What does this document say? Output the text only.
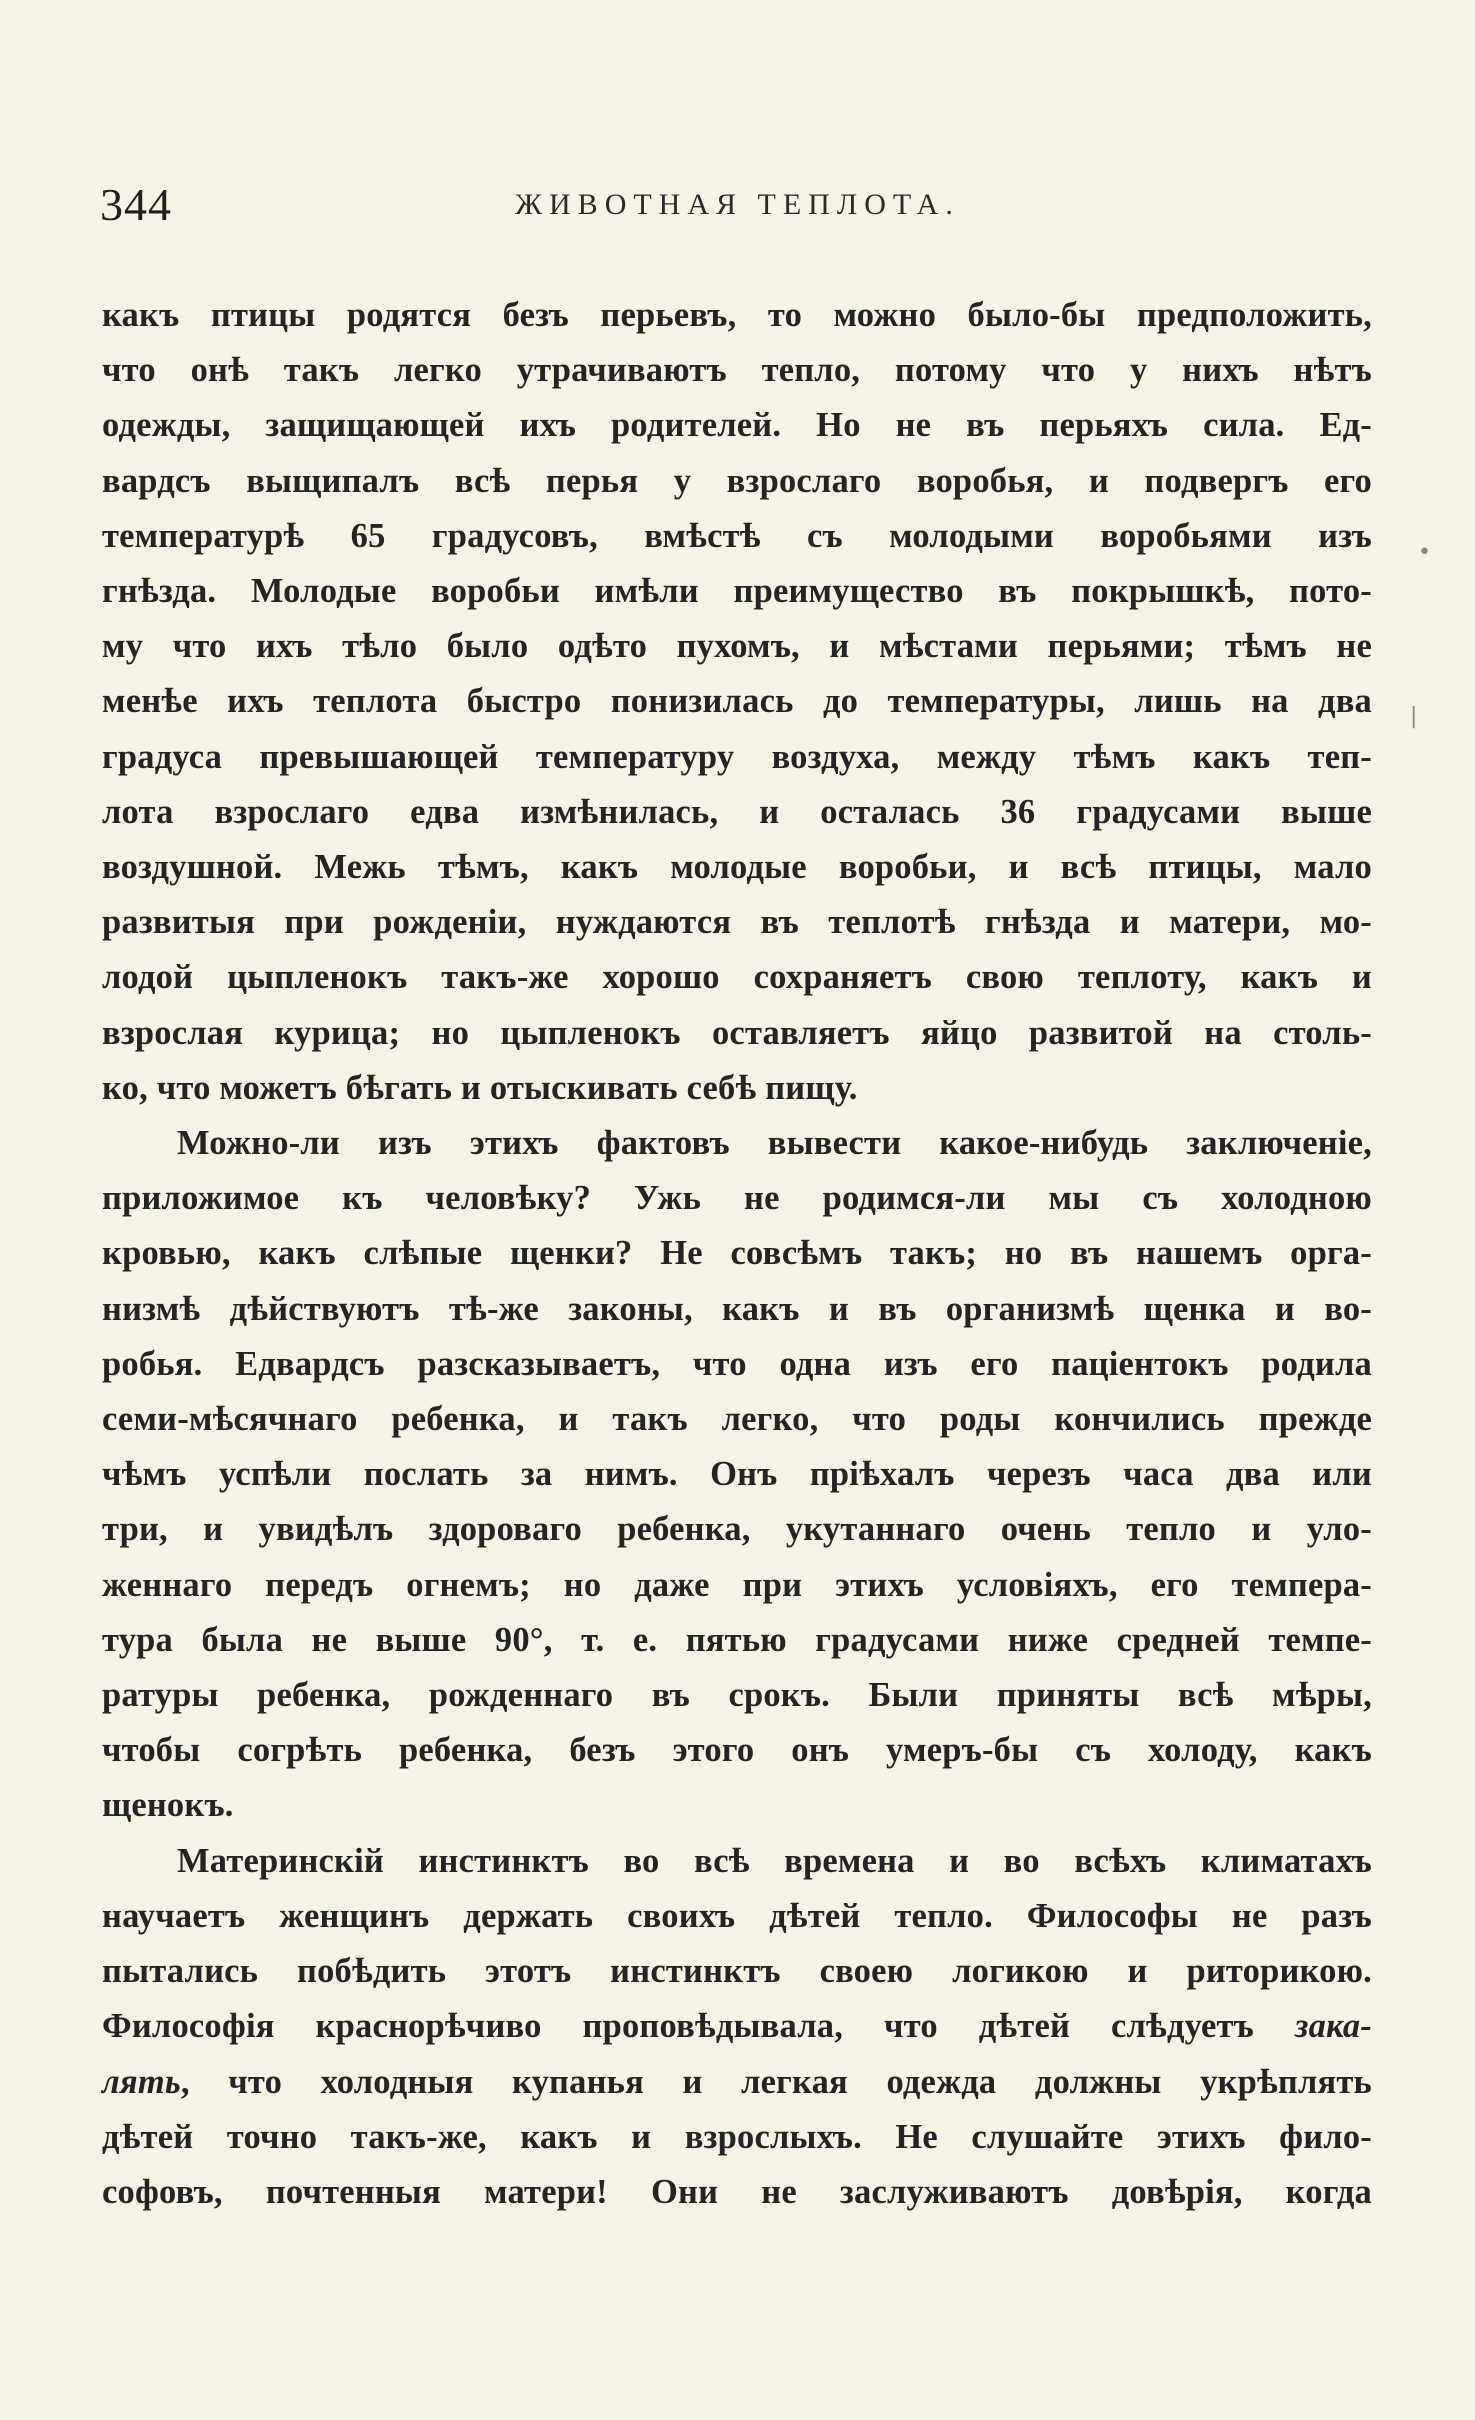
344	ЖИВОТНАЯ ТЕПЛОТА.
•
|
какъ птицы родятся безъ перьевъ, то можно было-бы предположить,
что онѣ такъ легко утрачиваютъ тепло, потому что у нихъ нѣтъ
одежды, защищающей ихъ родителей. Но не въ перьяхъ сила. Ед-
вардсъ выщипалъ всѣ перья у взрослаго воробья, и подвергъ его
температурѣ 65 градусовъ, вмѣстѣ съ молодыми воробьями изъ
гнѣзда. Молодые воробьи имѣли преимущество въ покрышкѣ, пото-
му что ихъ тѣло было одѣто пухомъ, и мѣстами перьями; тѣмъ не
менѣе ихъ теплота быстро понизилась до температуры, лишь на два
градуса превышающей температуру воздуха, между тѣмъ какъ теп-
лота взрослаго едва измѣнилась, и осталась 36 градусами выше
воздушной. Межь тѣмъ, какъ молодые воробьи, и всѣ птицы, мало
развитыя при рожденіи, нуждаются въ теплотѣ гнѣзда и матери, мо-
лодой цыпленокъ такъ-же хорошо сохраняетъ свою теплоту, какъ и
взрослая курица; но цыпленокъ оставляетъ яйцо развитой на столь-
ко, что можетъ бѣгать и отыскивать себѣ пищу.
Можно-ли изъ этихъ фактовъ вывести какое-нибудь заключеніе,
приложимое къ человѣку? Ужь не родимся-ли мы съ холодною
кровью, какъ слѣпые щенки? Не совсѣмъ такъ; но въ нашемъ орга-
низмѣ дѣйствуютъ тѣ-же законы, какъ и въ организмѣ щенка и во-
робья. Едвардсъ разсказываетъ, что одна изъ его паціентокъ родила
семи-мѣсячнаго ребенка, и такъ легко, что роды кончились прежде
чѣмъ успѣли послать за нимъ. Онъ пріѣхалъ черезъ часа два или
три, и увидѣлъ здороваго ребенка, укутаннаго очень тепло и уло-
женнаго передъ огнемъ; но даже при этихъ условіяхъ, его темпера-
тура была не выше 90°, т. е. пятью градусами ниже средней темпе-
ратуры ребенка, рожденнаго въ срокъ. Были приняты всѣ мѣры,
чтобы согрѣть ребенка, безъ этого онъ умеръ-бы съ холоду, какъ
щенокъ.
Материнскій инстинктъ во всѣ времена и во всѣхъ климатахъ
научаетъ женщинъ держать своихъ дѣтей тепло. Философы не разъ
пытались побѣдить этотъ инстинктъ своею логикою и риторикою.
Философія краснорѣчиво проповѣдывала, что дѣтей слѣдуетъ зака-
лять, что холодныя купанья и легкая одежда должны укрѣплять
дѣтей точно такъ-же, какъ и взрослыхъ. Не слушайте этихъ фило-
софовъ, почтенныя матери! Они не заслуживаютъ довѣрія, когда
